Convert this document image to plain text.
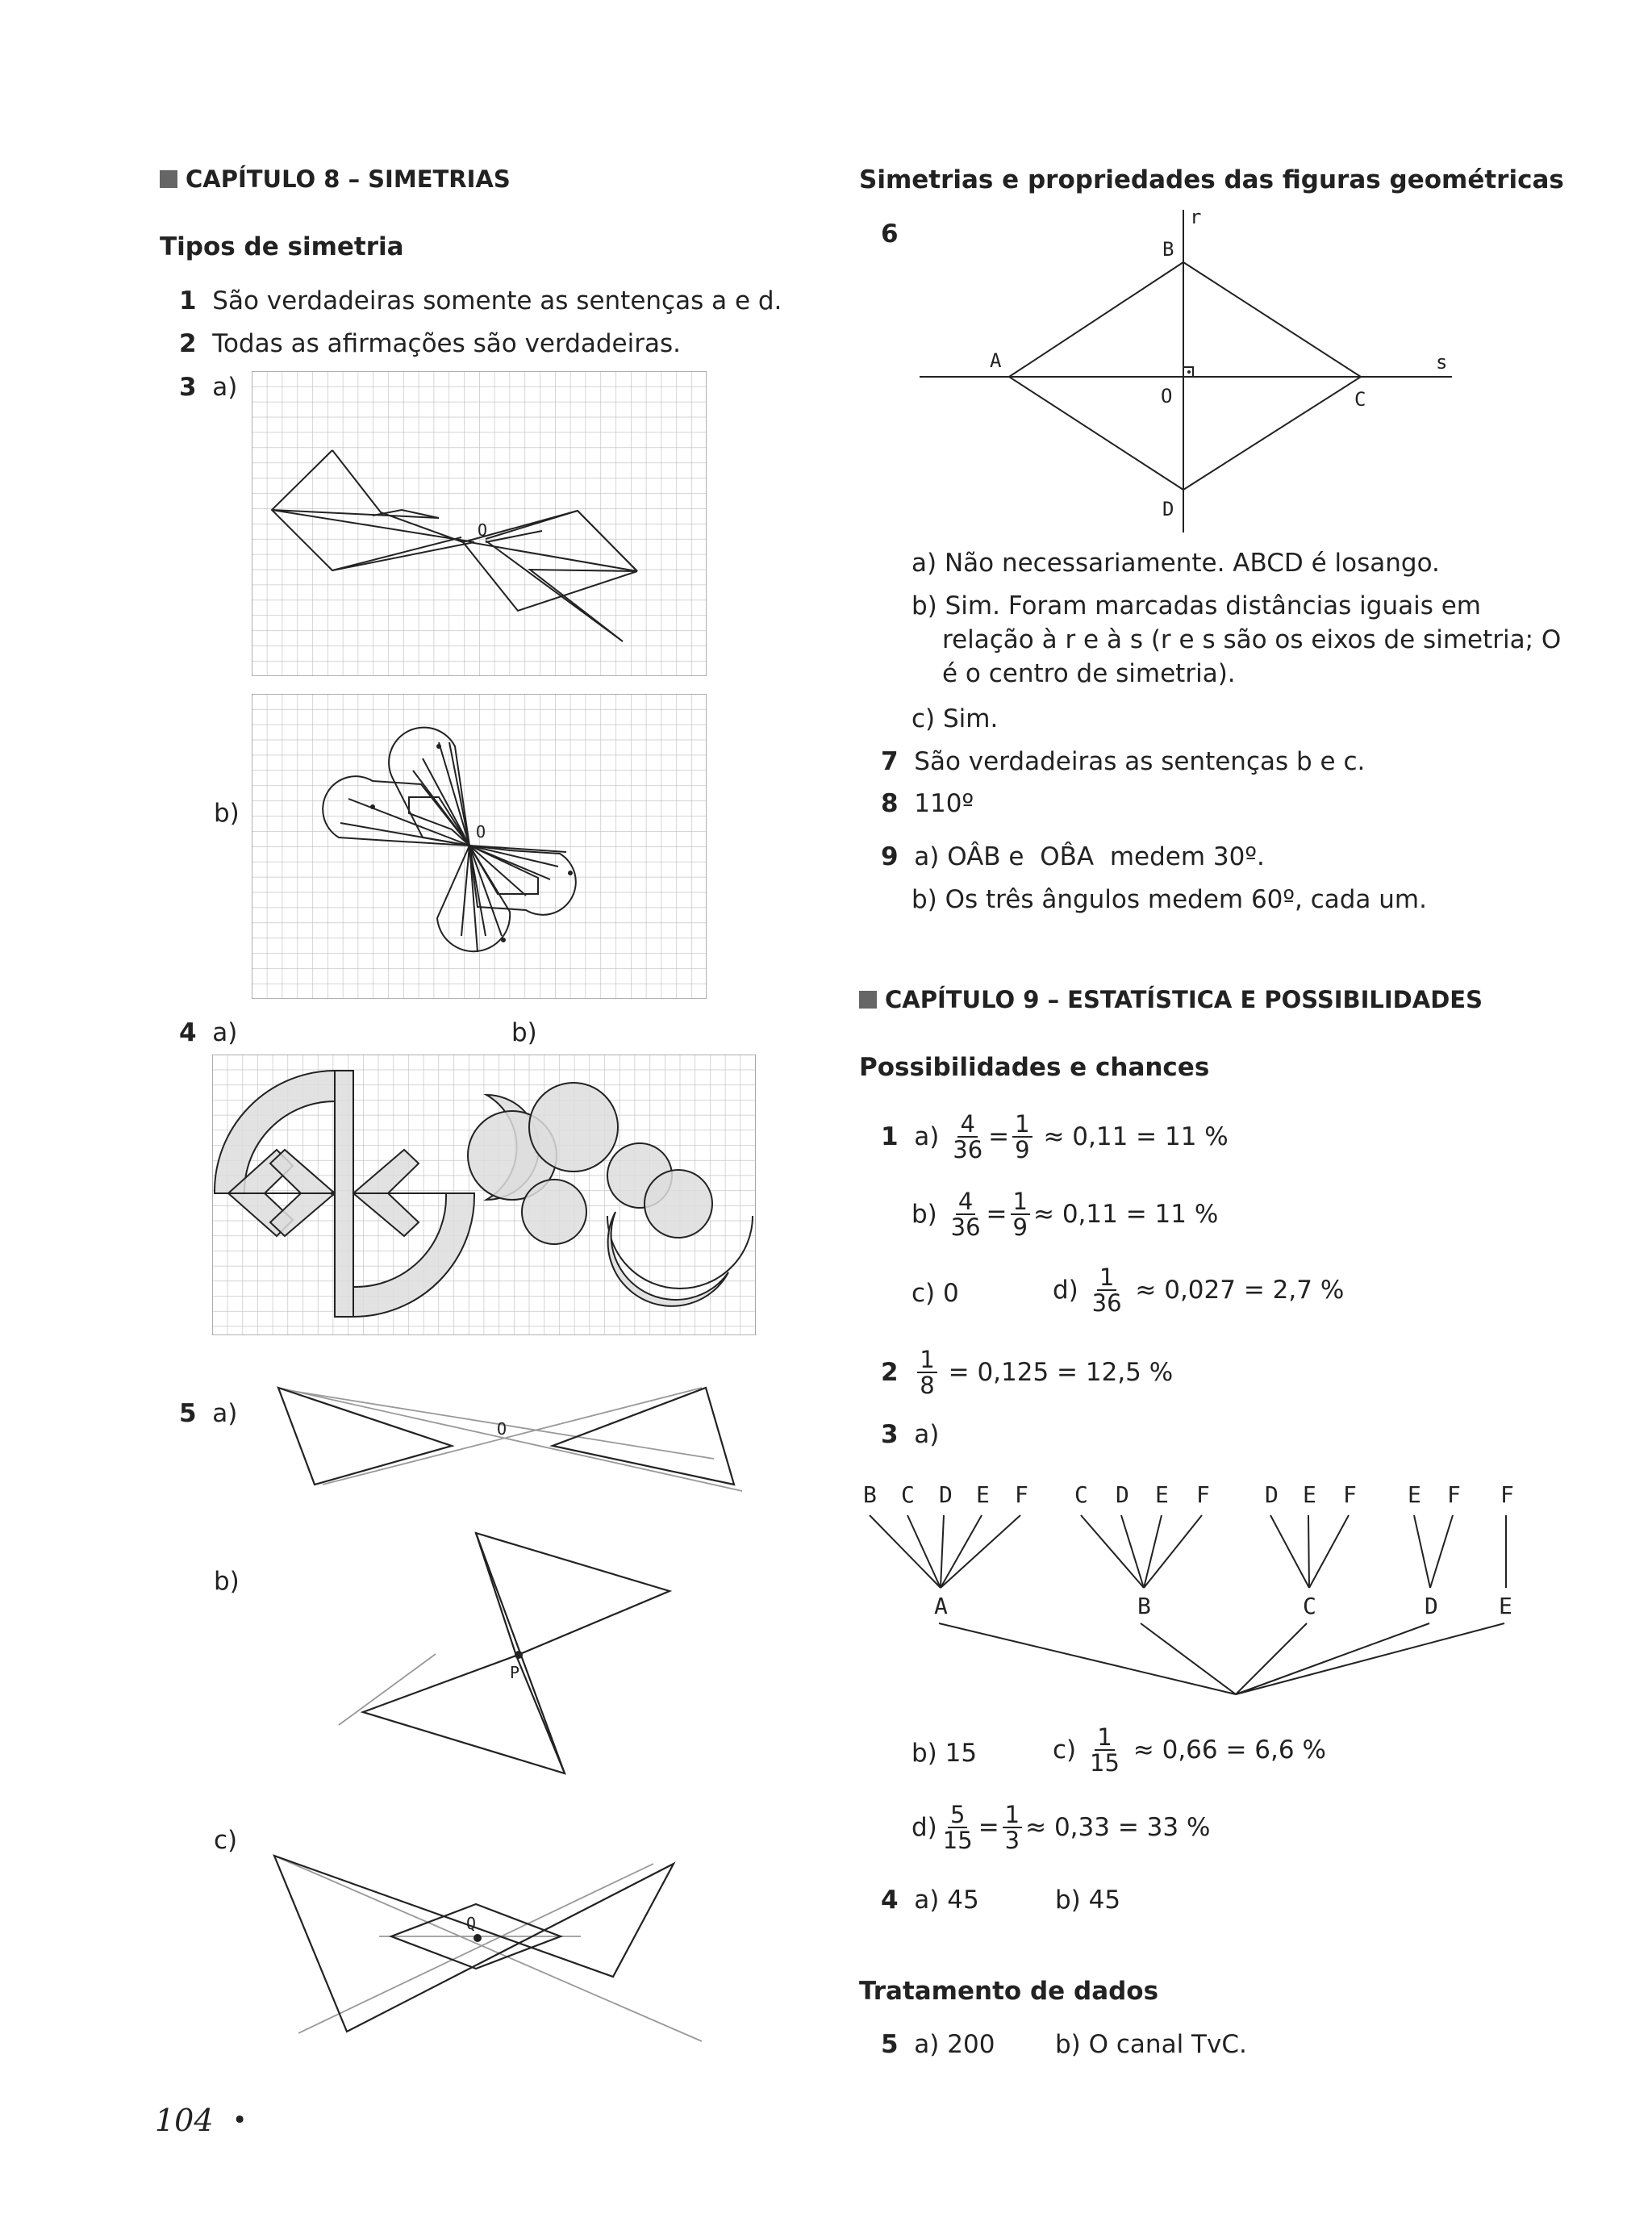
CAPÍTULO 8 – SIMETRIAS
Tipos de simetria
1 São verdadeiras somente as sentenças a e d.
2 Todas as afirmações são verdadeiras.
3 a)
O
b)
O
4 a)	b)
5 a)
O
b)
P
c)
Q
104 •
Simetrias e propriedades das figuras geométricas
6
r
s
A
B
C
D
O
a) Não necessariamente. ABCD é losango.
b) Sim. Foram marcadas distâncias iguais em
relação à r e à s (r e s são os eixos de simetria; O
é o centro de simetria).
c) Sim.
7 São verdadeiras as sentenças b e c.
8 110º
9 a) OÂB e OB̂A medem 30º.
b) Os três ângulos medem 60º, cada um.
CAPÍTULO 9 – ESTATÍSTICA E POSSIBILIDADES
Possibilidades e chances
1
a)
$\frac{4}{36} = \frac{1}{9}$
≈ 0,11 = 11 %
b)
$\frac{4}{36} = \frac{1}{9} \approx 0,11 = 11$ %
c) 0	d)
$\frac{1}{36}$
≈ 0,027 = 2,7 %
2
$\frac{1}{8}$
= 0,125 = 12,5 %
3 a)
B C D E F C D E F D E F E F F
A	B	C	D	E
b) 15	c)
$\frac{1}{15}$
≈ 0,66 = 6,6 %
$d) \frac{5}{15} = \frac{1}{3} \approx 0,33 = 33$ %
4 a) 45	b) 45
Tratamento de dados
5 a) 200 b) O canal TvC.
